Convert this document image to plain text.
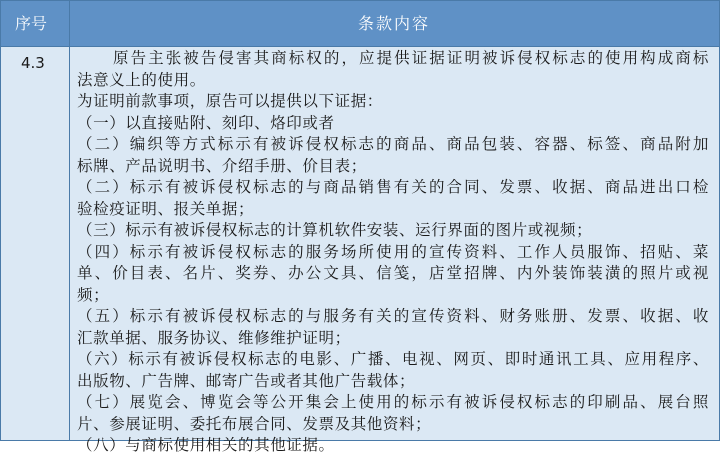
序号	条款内容
4.3	原告主张被告侵害其商标权的，应提供证据证明被诉侵权标志的使用构成商标
法意义上的使用。
为证明前款事项，原告可以提供以下证据：
（一）以直接贴附、刻印、烙印或者
（二）编织等方式标示有被诉侵权标志的商品、商品包装、容器、标签、商品附加
标牌、产品说明书、介绍手册、价目表；
（二）标示有被诉侵权标志的与商品销售有关的合同、发票、收据、商品进出口检
验检疫证明、报关单据；
（三）标示有被诉侵权标志的计算机软件安装、运行界面的图片或视频；
（四）标示有被诉侵权标志的服务场所使用的宣传资料、工作人员服饰、招贴、菜
单、价目表、名片、奖券、办公文具、信笺，店堂招牌、内外装饰装潢的照片或视
频；
（五）标示有被诉侵权标志的与服务有关的宣传资料、财务账册、发票、收据、收
汇款单据、服务协议、维修维护证明；
（六）标示有被诉侵权标志的电影、广播、电视、网页、即时通讯工具、应用程序、
出版物、广告牌、邮寄广告或者其他广告载体；
（七）展览会、博览会等公开集会上使用的标示有被诉侵权标志的印刷品、展台照
片、参展证明、委托布展合同、发票及其他资料；
（八）与商标使用相关的其他证据。
